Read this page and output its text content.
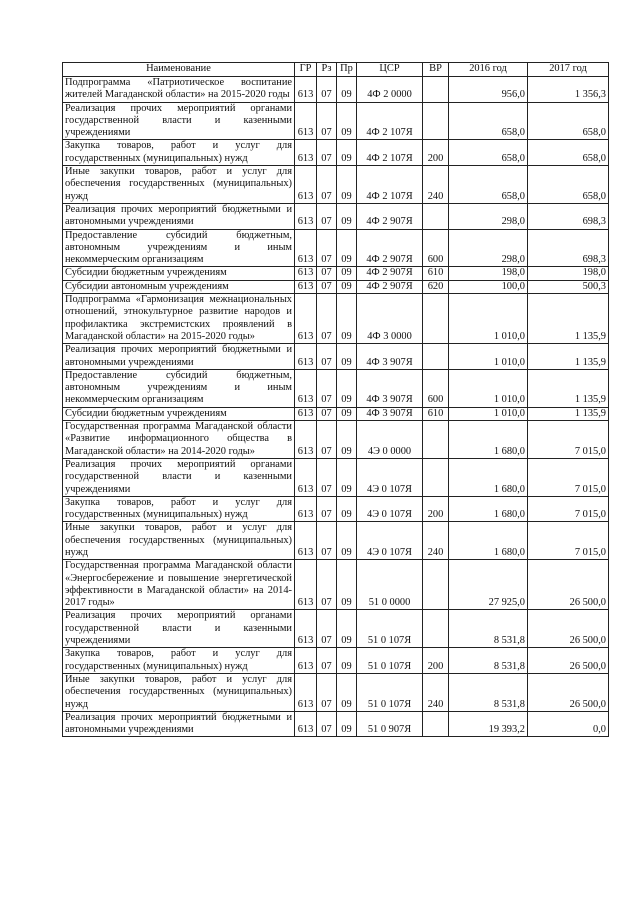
Наименование	ГР	Рз	Пр	ЦСР	ВР	2016 год	2017 год
Подпрограмма «Патриотическое воспитание жителей Магаданской области» на 2015-2020 годы	613	07	09	4Ф 2 0000		956,0	1 356,3
Реализация прочих мероприятий органами государственной власти и казенными учреждениями	613	07	09	4Ф 2 107Я		658,0	658,0
Закупка товаров, работ и услуг для государственных (муниципальных) нужд	613	07	09	4Ф 2 107Я	200	658,0	658,0
Иные закупки товаров, работ и услуг для обеспечения государственных (муниципальных) нужд	613	07	09	4Ф 2 107Я	240	658,0	658,0
Реализация прочих мероприятий бюджетными и автономными учреждениями	613	07	09	4Ф 2 907Я		298,0	698,3
Предоставление субсидий бюджетным, автономным учреждениям и иным некоммерческим организациям	613	07	09	4Ф 2 907Я	600	298,0	698,3
Субсидии бюджетным учреждениям	613	07	09	4Ф 2 907Я	610	198,0	198,0
Субсидии автономным учреждениям	613	07	09	4Ф 2 907Я	620	100,0	500,3
Подпрограмма «Гармонизация межнациональных отношений, этнокультурное развитие народов и профилактика экстремистских проявлений в Магаданской области» на 2015-2020 годы»	613	07	09	4Ф 3 0000		1 010,0	1 135,9
Реализация прочих мероприятий бюджетными и автономными учреждениями	613	07	09	4Ф 3 907Я		1 010,0	1 135,9
Предоставление субсидий бюджетным, автономным учреждениям и иным некоммерческим организациям	613	07	09	4Ф 3 907Я	600	1 010,0	1 135,9
Субсидии бюджетным учреждениям	613	07	09	4Ф 3 907Я	610	1 010,0	1 135,9
Государственная программа Магаданской области «Развитие информационного общества в Магаданской области» на 2014-2020 годы»	613	07	09	4Э 0 0000		1 680,0	7 015,0
Реализация прочих мероприятий органами государственной власти и казенными учреждениями	613	07	09	4Э 0 107Я		1 680,0	7 015,0
Закупка товаров, работ и услуг для государственных (муниципальных) нужд	613	07	09	4Э 0 107Я	200	1 680,0	7 015,0
Иные закупки товаров, работ и услуг для обеспечения государственных (муниципальных) нужд	613	07	09	4Э 0 107Я	240	1 680,0	7 015,0
Государственная программа Магаданской области «Энергосбережение и повышение энергетической эффективности в Магаданской области» на 2014-2017 годы»	613	07	09	51 0 0000		27 925,0	26 500,0
Реализация прочих мероприятий органами государственной власти и казенными учреждениями	613	07	09	51 0 107Я		8 531,8	26 500,0
Закупка товаров, работ и услуг для государственных (муниципальных) нужд	613	07	09	51 0 107Я	200	8 531,8	26 500,0
Иные закупки товаров, работ и услуг для обеспечения государственных (муниципальных) нужд	613	07	09	51 0 107Я	240	8 531,8	26 500,0
Реализация прочих мероприятий бюджетными и автономными учреждениями	613	07	09	51 0 907Я		19 393,2	0,0
